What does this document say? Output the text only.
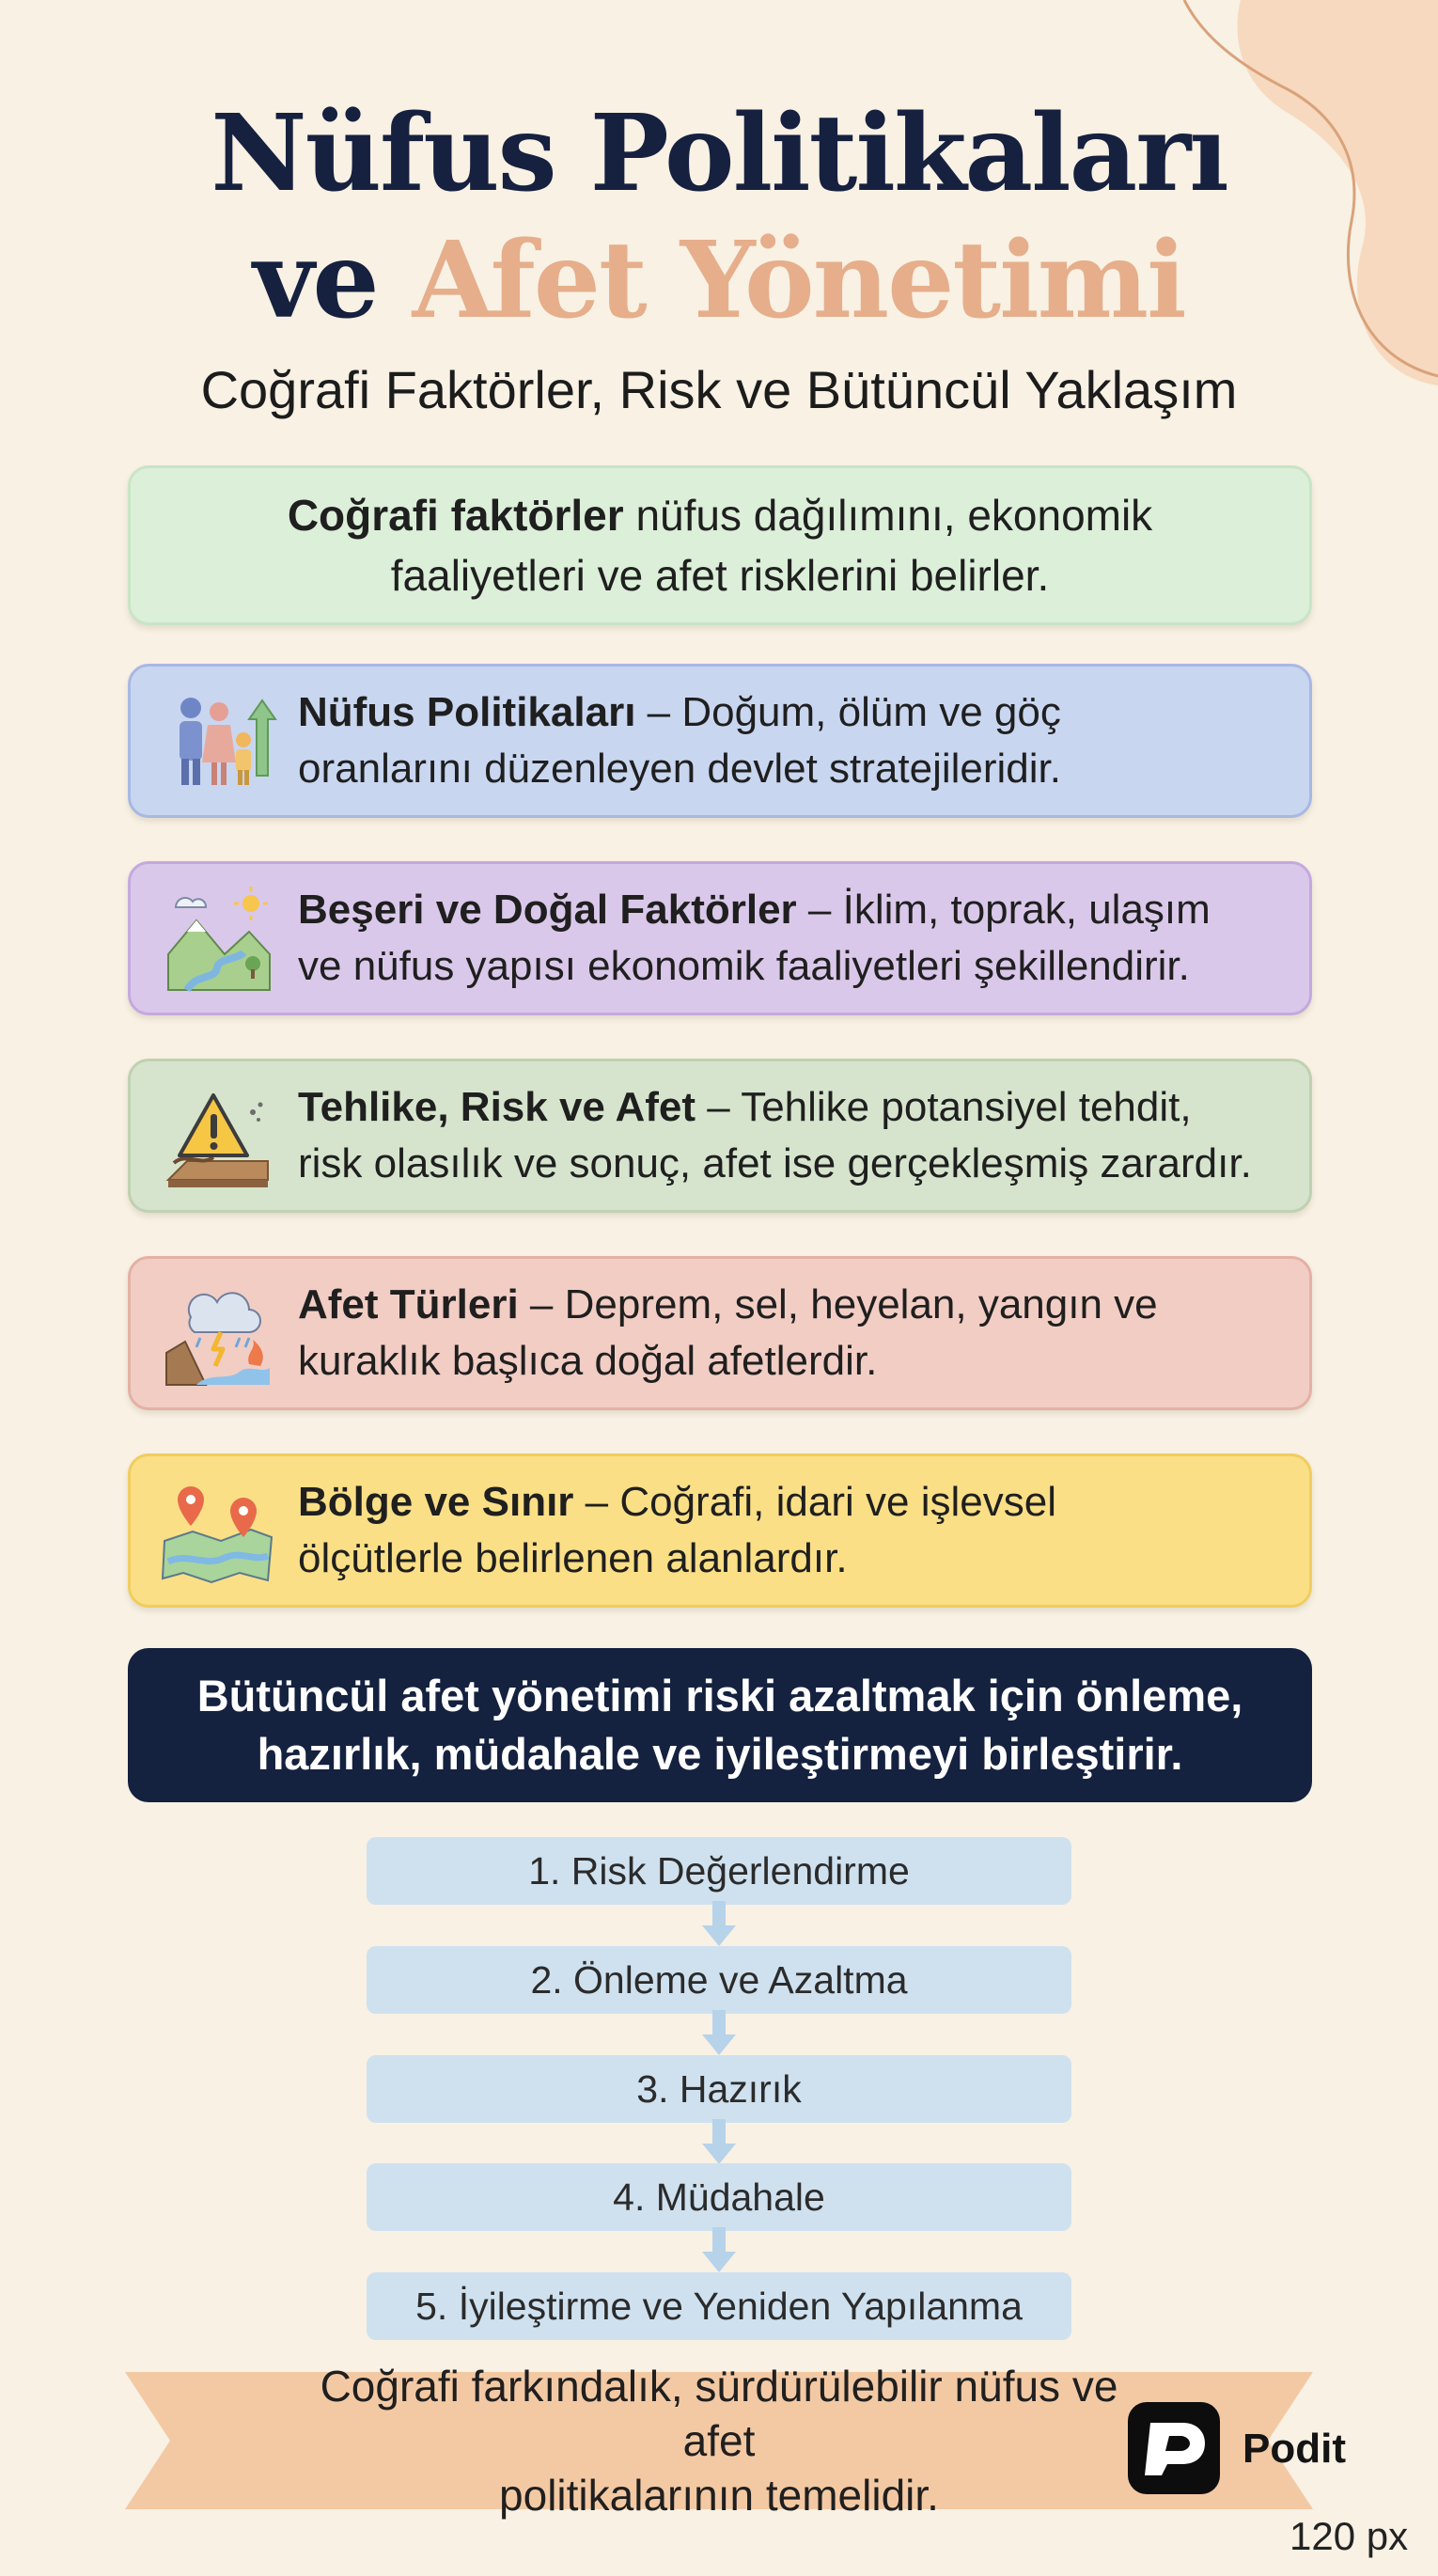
Nüfus Politikaları
ve Afet Yönetimi
Coğrafi Faktörler, Risk ve Bütüncül Yaklaşım
Coğrafi faktörler nüfus dağılımını, ekonomik
faaliyetleri ve afet risklerini belirler.
Nüfus Politikaları – Doğum, ölüm ve göç
oranlarını düzenleyen devlet stratejileridir.
Beşeri ve Doğal Faktörler – İklim, toprak, ulaşım
ve nüfus yapısı ekonomik faaliyetleri şekillendirir.
Tehlike, Risk ve Afet – Tehlike potansiyel tehdit,
risk olasılık ve sonuç, afet ise gerçekleşmiş zarardır.
Afet Türleri – Deprem, sel, heyelan, yangın ve
kuraklık başlıca doğal afetlerdir.
Bölge ve Sınır – Coğrafi, idari ve işlevsel
ölçütlerle belirlenen alanlardır.
Bütüncül afet yönetimi riski azaltmak için önleme,
hazırlık, müdahale ve iyileştirmeyi birleştirir.
1. Risk Değerlendirme
2. Önleme ve Azaltma
3. Hazırık
4. Müdahale
5. İyileştirme ve Yeniden Yapılanma
Coğrafi farkındalık, sürdürülebilir nüfus ve afet
politikalarının temelidir.
Podit
120 px
